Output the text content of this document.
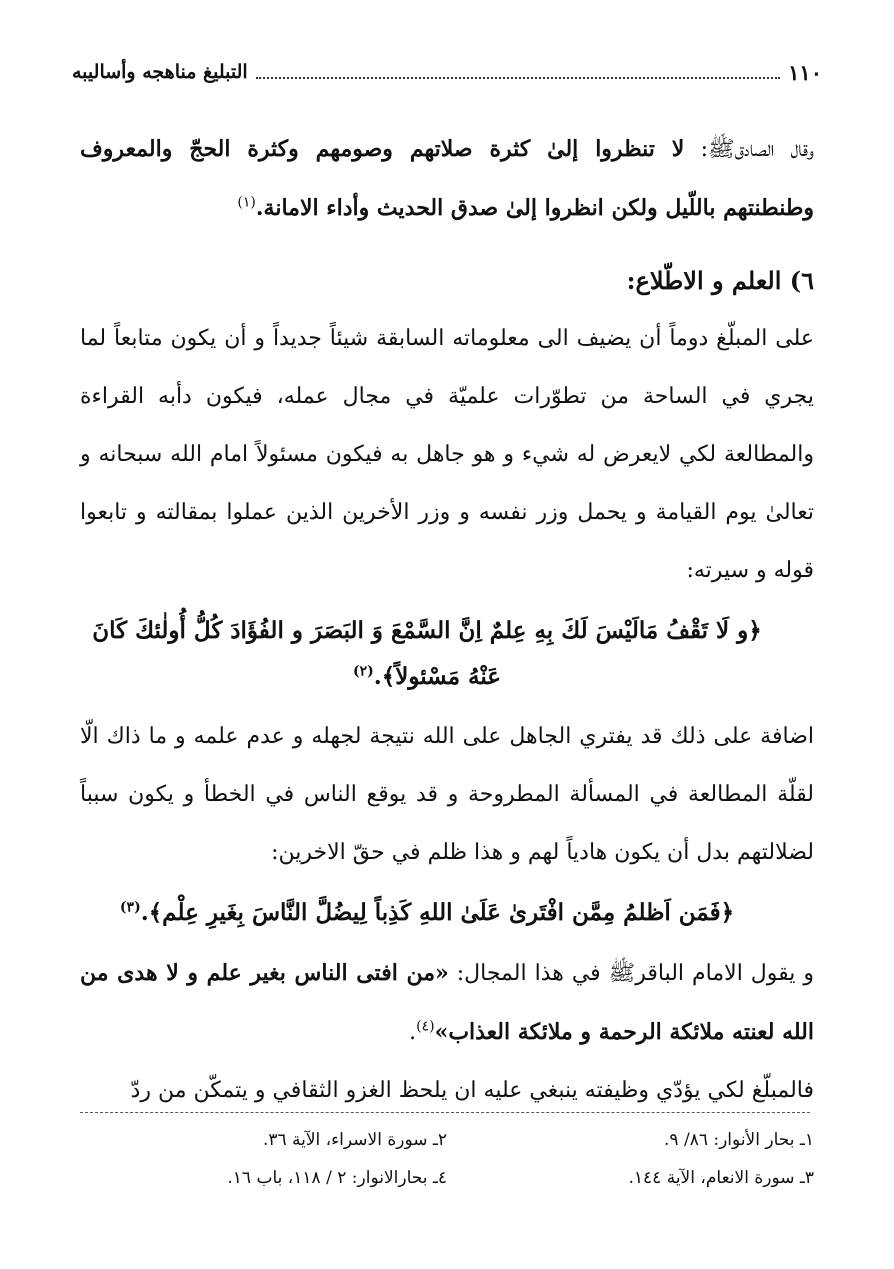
التبليغ مناهجه وأساليبه	١١٠

وقال الصادق‏ﷺ: لا تنظروا إلىٰ كثرة صلاتهم وصومهم وكثرة الحجّ والمعروف وطنطنتهم باللّيل ولكن انظروا إلىٰ صدق الحديث وأداء الامانة.$^{(١)}$

٦) العلم و الاطّلاع:

على المبلّغ دوماً أن يضيف الى معلوماته السابقة شيئاً جديداً و أن يكون متابعاً لما يجري في الساحة من تطوّرات علميّة في مجال عمله، فيكون دأبه القراءة والمطالعة لكي لايعرض له شيء و هو جاهل به فيكون مسئولاً امام الله سبحانه و تعالىٰ يوم القيامة و يحمل وزر نفسه و وزر الأخرين الذين عملوا بمقالته و تابعوا قوله و سيرته:

﴿و لَا تَقْفُ مَالَيْسَ لَكَ بِهِ عِلمٌ اِنَّ السَّمْعَ وَ البَصَرَ و الفُؤَادَ كُلُّ أُولٰئكَ كَانَ عَنْهُ مَسْئولاً﴾.$^{(٢)}$

اضافة على ذلك قد يفتري الجاهل على الله نتيجة لجهله و عدم علمه و ما ذاك الّا لقلّة المطالعة في المسألة المطروحة و قد يوقع الناس في الخطأ و يكون سبباً لضلالتهم بدل أن يكون هادياً لهم و هذا ظلم في حقّ الاخرين:

﴿فَمَن اَظلمُ مِمَّن افْتَرىٰ عَلَىٰ اللهِ كَذِباً لِيضُلَّ النَّاسَ بِغَيرِ عِلْم﴾.$^{(٣)}$

و يقول الامام الباقر‏ﷺ في هذا المجال: «من افتى الناس بغير علم و لا هدى من الله لعنته ملائكة الرحمة و ملائكة العذاب»$^{(٤)}$.

فالمبلّغ لكي يؤدّي وظيفته ينبغي عليه ان يلحظ الغزو الثقافي و يتمكّن من ردّ

١ـ بحار الأنوار: ٨٦/ ٩.
٢ـ سورة الاسراء، الآية ٣٦.
٣ـ سورة الانعام، الآية ١٤٤.
٤ـ بحارالانوار: ٢ / ١١٨، باب ١٦.
